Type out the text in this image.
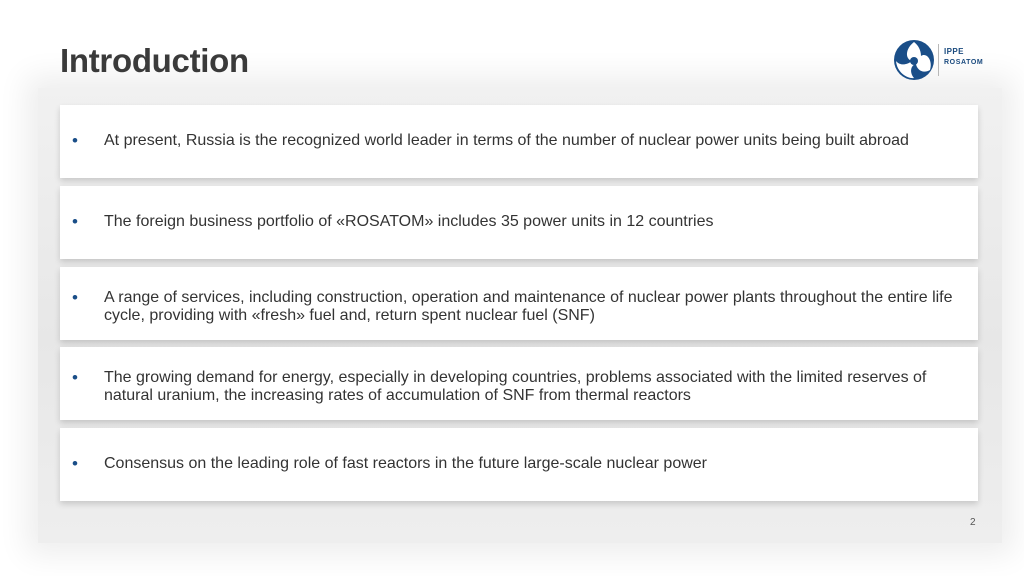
Introduction	IPPE
ROSATOM
• At present, Russia is the recognized world leader in terms of the number of nuclear power units being built abroad
• The foreign business portfolio of «ROSATOM» includes 35 power units in 12 countries
• A range of services, including construction, operation and maintenance of nuclear power plants throughout the entire life cycle, providing with «fresh» fuel and, return spent nuclear fuel (SNF)
• The growing demand for energy, especially in developing countries, problems associated with the limited reserves of natural uranium, the increasing rates of accumulation of SNF from thermal reactors
• Consensus on the leading role of fast reactors in the future large-scale nuclear power
2
